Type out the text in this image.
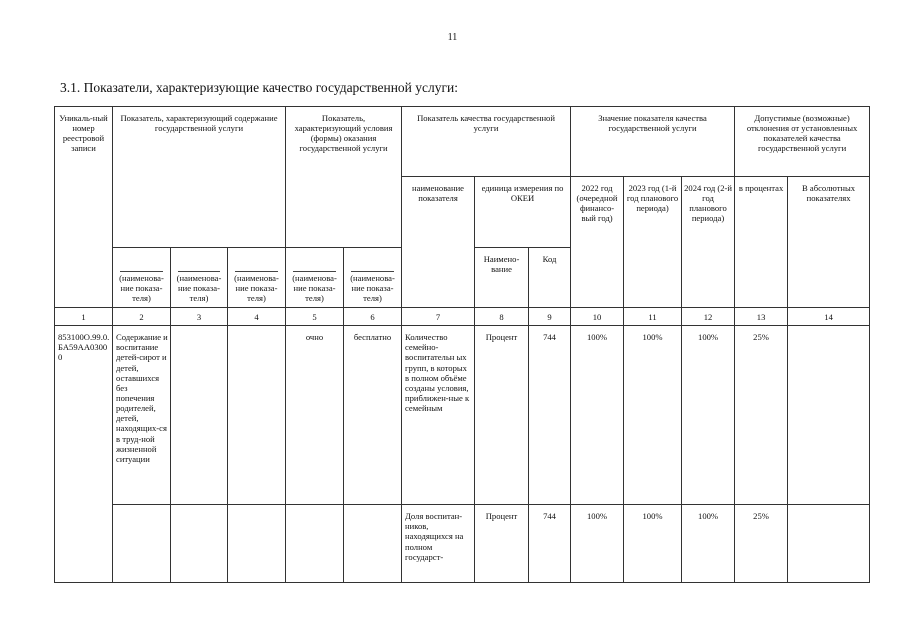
11
3.1. Показатели, характеризующие качество государственной услуги:
Уникаль-ный номер реестровой записи	Показатель, характеризующий содержание государственной услуги			Показатель, характеризующий условия (формы) оказания государственной услуги		Показатель качества государственной услуги			Значение показателя качества государственной услуги			Допустимые (возможные) отклонения от установленных показателей качества государственной услуги	
						наименование показателя	единица измерения по ОКЕИ		2022 год (очередной финансо-вый год)	2023 год (1-й год планового периода)	2024 год (2-й год планового периода)	в процентах	В абсолютных показателях

(наименова-ние показа-теля)	(наименова-ние показа-теля)	(наименова-ние показа-теля)	(наименова-ние показа-теля)	(наименова-ние показа-теля)		Наимено-вание	Код					
1	2	3	4	5	6	7	8	9	10	11	12	13	14
853100О.99.0.БА59АА03000	Содержание и воспитание детей-сирот и детей, оставшихся без попечения родителей, детей, находящих-ся в труд-ной жизненной ситуации			очно	бесплатно	Количество семейно-воспитательн ых групп, в которых в полном объёме созданы условия, приближен-ные к семейным	Процент	744	100%	100%	100%	25%	
						Доля воспитан-ников, находящихся на полном государст-	Процент	744	100%	100%	100%	25%	
